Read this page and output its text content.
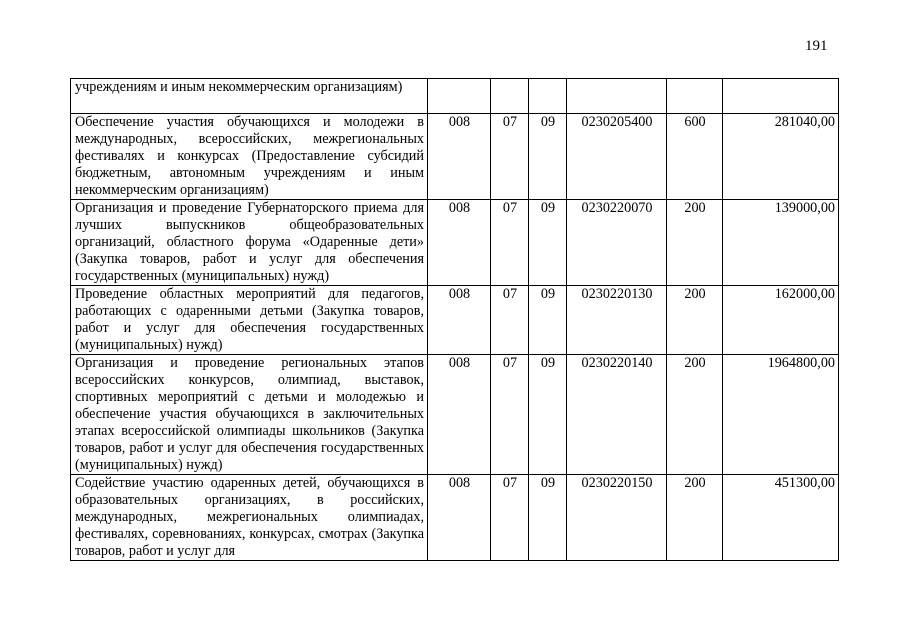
191
учреждениям и иным некоммерческим организациям)						
Обеспечение участия обучающихся и молодежи в международных, всероссийских, межрегиональных фестивалях и конкурсах (Предоставление субсидий бюджетным, автономным учреждениям и иным некоммерческим организациям)	008	07	09	0230205400	600	281040,00
Организация и проведение Губернаторского приема для лучших выпускников общеобразовательных организаций, областного форума «Одаренные дети» (Закупка товаров, работ и услуг для обеспечения государственных (муниципальных) нужд)	008	07	09	0230220070	200	139000,00
Проведение областных мероприятий для педагогов, работающих с одаренными детьми (Закупка товаров, работ и услуг для обеспечения государственных (муниципальных) нужд)	008	07	09	0230220130	200	162000,00
Организация и проведение региональных этапов всероссийских конкурсов, олимпиад, выставок, спортивных мероприятий с детьми и молодежью и обеспечение участия обучающихся в заключительных этапах всероссийской олимпиады школьников (Закупка товаров, работ и услуг для обеспечения государственных (муниципальных) нужд)	008	07	09	0230220140	200	1964800,00
Содействие участию одаренных детей, обучающихся в образовательных организациях, в российских, международных, межрегиональных олимпиадах, фестивалях, соревнованиях, конкурсах, смотрах (Закупка товаров, работ и услуг для	008	07	09	0230220150	200	451300,00
